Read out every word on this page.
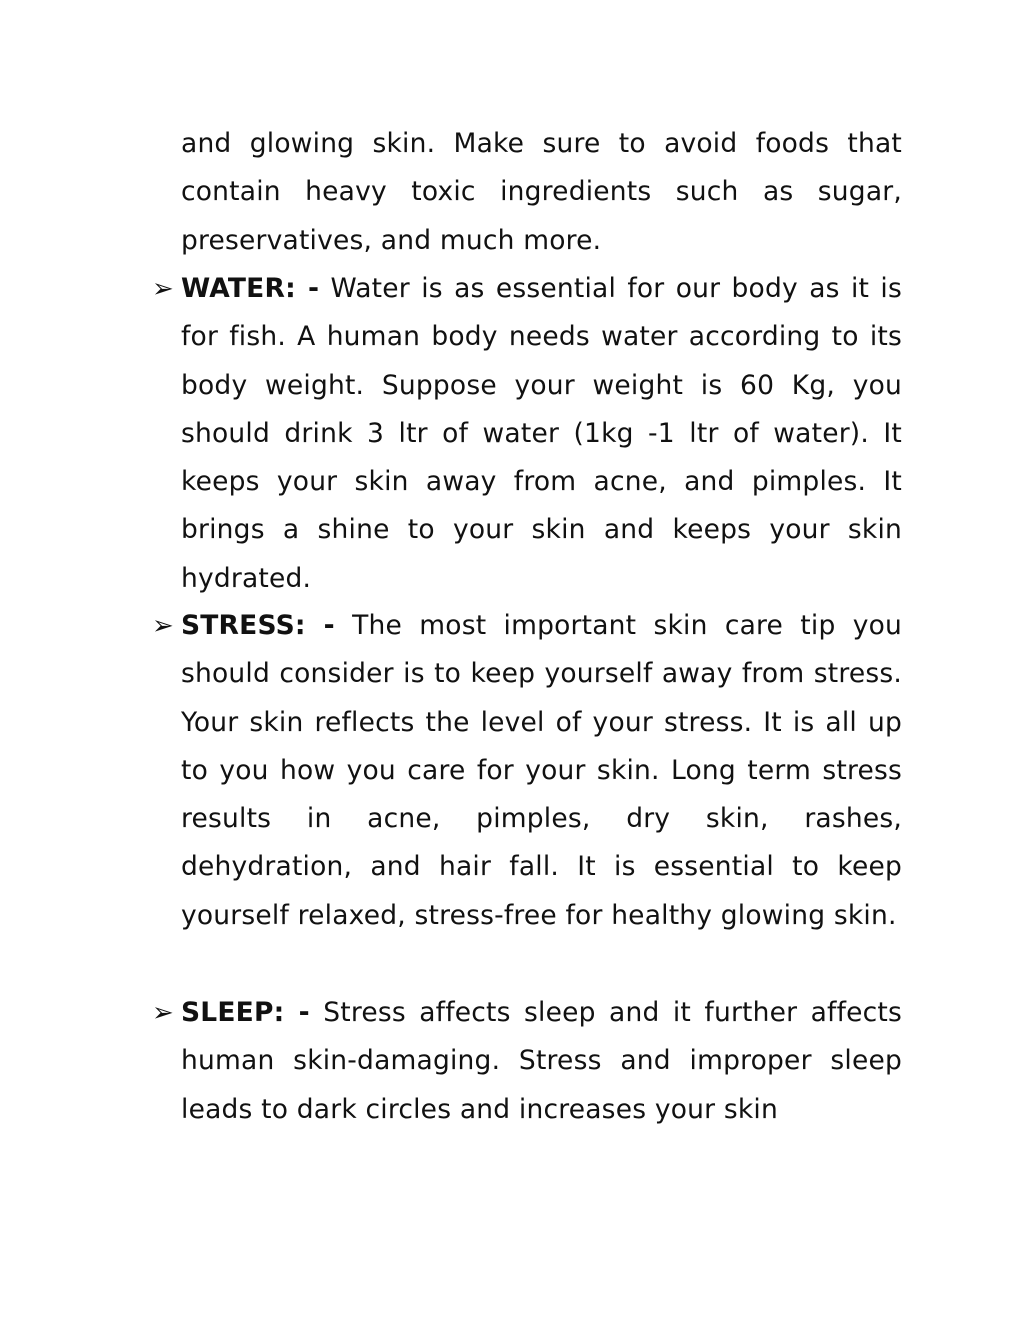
and glowing skin. Make sure to avoid foods that contain heavy toxic ingredients such as sugar, preservatives, and much more.
➢ WATER: - Water is as essential for our body as it is for fish. A human body needs water according to its body weight. Suppose your weight is 60 Kg, you should drink 3 ltr of water (1kg -1 ltr of water). It keeps your skin away from acne, and pimples. It brings a shine to your skin and keeps your skin hydrated.
➢ STRESS: - The most important skin care tip you should consider is to keep yourself away from stress. Your skin reflects the level of your stress. It is all up to you how you care for your skin. Long term stress results in acne, pimples, dry skin, rashes, dehydration, and hair fall. It is essential to keep yourself relaxed, stress-free for healthy glowing skin.
➢ SLEEP: - Stress affects sleep and it further affects human skin-damaging. Stress and improper sleep leads to dark circles and increases your skin
